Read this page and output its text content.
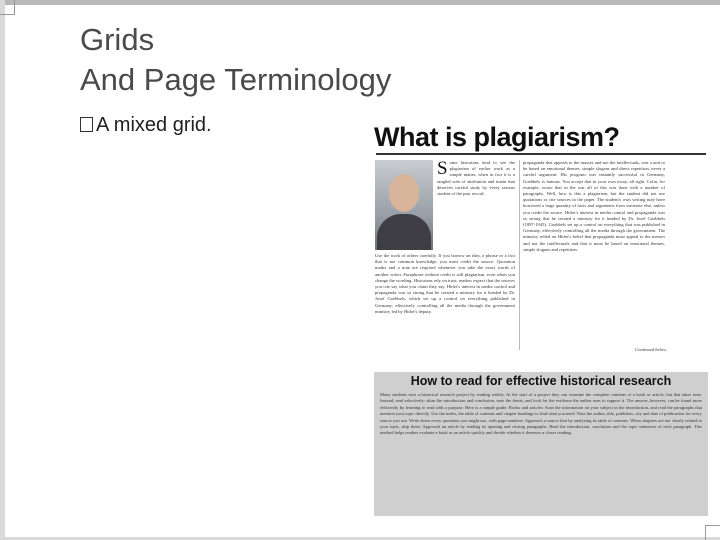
Grids
And Page Terminology
A mixed grid.	What is plagiarism?

Some historians tend to see the plagiarism of earlier work as a simple matter, when in fact it is a tangled web of attribution and intent that deserves careful study by every serious student of the past record.

Use the work of others carefully. If you borrow an idea, a phrase or a fact that is not common knowledge, you must credit the source. Quotation marks and a note are required whenever you take the exact words of another writer. Paraphrase without credit is still plagiarism, even when you change the wording. Historians rely on trust; readers expect that the sources you cite say what you claim they say. Hitler's interest in media control and propaganda was so strong that he created a ministry for it headed by Dr. Josef Goebbels, which set up a control on everything published in Germany, effectively controlling all the media through the government ministry led by Hitler's deputy.

propaganda that appeals to the masses and not the intellectuals, was a unit to be based on emotional themes, simple slogans and direct repetition, never a careful argument. His program was instantly successful in Germany, Goebbels is famous. You accept that in your own essay, all right. Colin, for example, wrote that in the war all of this was done with a number of paragraphs. Well, how is this a plagiarism, but the student did not use quotations or cite sources in the paper. The student's own writing may have borrowed a large quantity of facts and arguments from someone else, unless you credit the source. Hitler's interest in media control and propaganda was so strong that he created a ministry for it headed by Dr. Josef Goebbels (1897-1945). Goebbels set up a control on everything that was published in Germany, effectively controlling all the media through the government. The ministry relied on Hitler's belief that propaganda must appeal to the masses and not the intellectuals and that it must be based on emotional themes, simple slogans and repetition.

Continued below
How to read for effective historical research

Many students start a historical research project by reading widely. At the start of a project they can examine the complete contents of a book or article, but that takes time. Instead, read selectively: skim the introduction and conclusion, note the thesis, and look for the evidence the author uses to support it. The answer, however, can be found more efficiently by learning to read with a purpose. Here is a simple guide. Books and articles: Scan the information on your subject in the introduction, and read the paragraphs that mention your topic directly. Use the index, the table of contents and chapter headings to find what you need. Note the author, title, publisher, city and date of publication for every source you use. Write down every quotation you might use, with page numbers. Approach a source first by analyzing its table of contents. When chapters are not clearly related to your topic, skip them. Approach an article by reading its opening and closing paragraphs. Read the introduction, conclusion and the topic sentences of each paragraph. This method helps readers evaluate a book or an article quickly and decide whether it deserves a closer reading.
